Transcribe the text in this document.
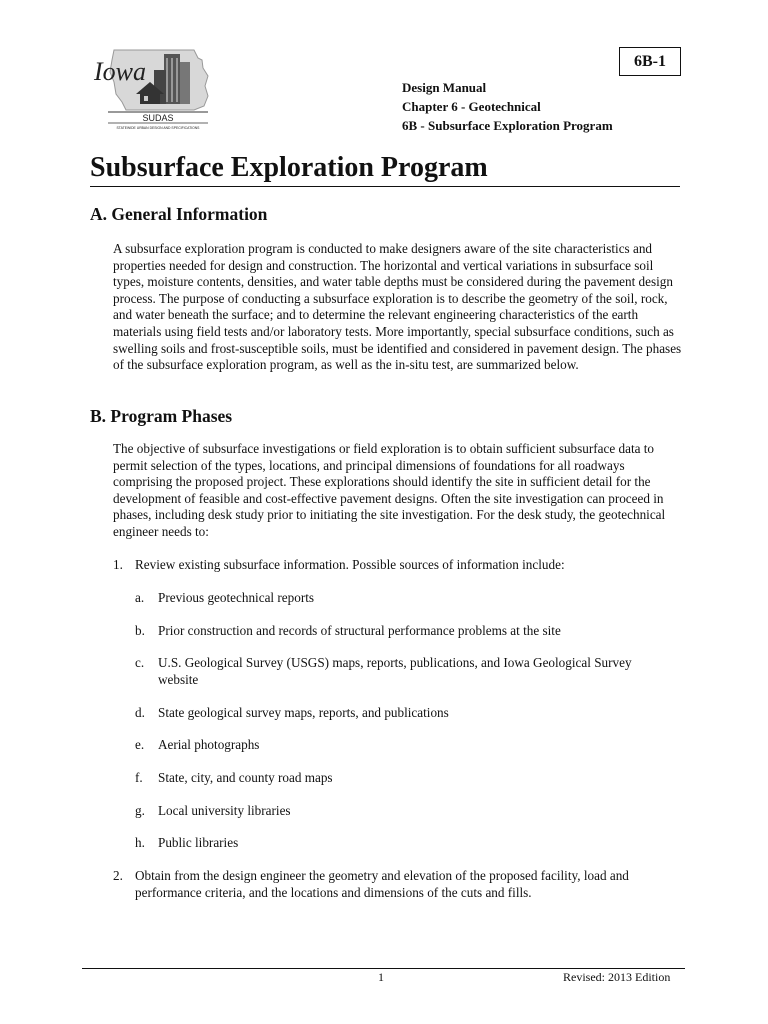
Iowa
SUDAS
STATEWIDE URBAN DESIGN AND SPECIFICATIONS
6B-1
Design Manual
Chapter 6 - Geotechnical
6B - Subsurface Exploration Program
Subsurface Exploration Program
A. General Information

A subsurface exploration program is conducted to make designers aware of the site characteristics and properties needed for design and construction. The horizontal and vertical variations in subsurface soil types, moisture contents, densities, and water table depths must be considered during the pavement design process. The purpose of conducting a subsurface exploration is to describe the geometry of the soil, rock, and water beneath the surface; and to determine the relevant engineering characteristics of the earth materials using field tests and/or laboratory tests. More importantly, special subsurface conditions, such as swelling soils and frost-susceptible soils, must be identified and considered in pavement design. The phases of the subsurface exploration program, as well as the in-situ test, are summarized below.

B. Program Phases

The objective of subsurface investigations or field exploration is to obtain sufficient subsurface data to permit selection of the types, locations, and principal dimensions of foundations for all roadways comprising the proposed project. These explorations should identify the site in sufficient detail for the development of feasible and cost-effective pavement designs. Often the site investigation can proceed in phases, including desk study prior to initiating the site investigation. For the desk study, the geotechnical engineer needs to:

1. Review existing subsurface information. Possible sources of information include:
a.	Previous geotechnical reports
b. Prior construction and records of structural performance problems at the site
c.	U.S. Geological Survey (USGS) maps, reports, publications, and Iowa Geological Survey website
d. State geological survey maps, reports, and publications
e.	Aerial photographs
f.	State, city, and county road maps
g. Local university libraries
h. Public libraries
2. Obtain from the design engineer the geometry and elevation of the proposed facility, load and performance criteria, and the locations and dimensions of the cuts and fills.
1	Revised: 2013 Edition
